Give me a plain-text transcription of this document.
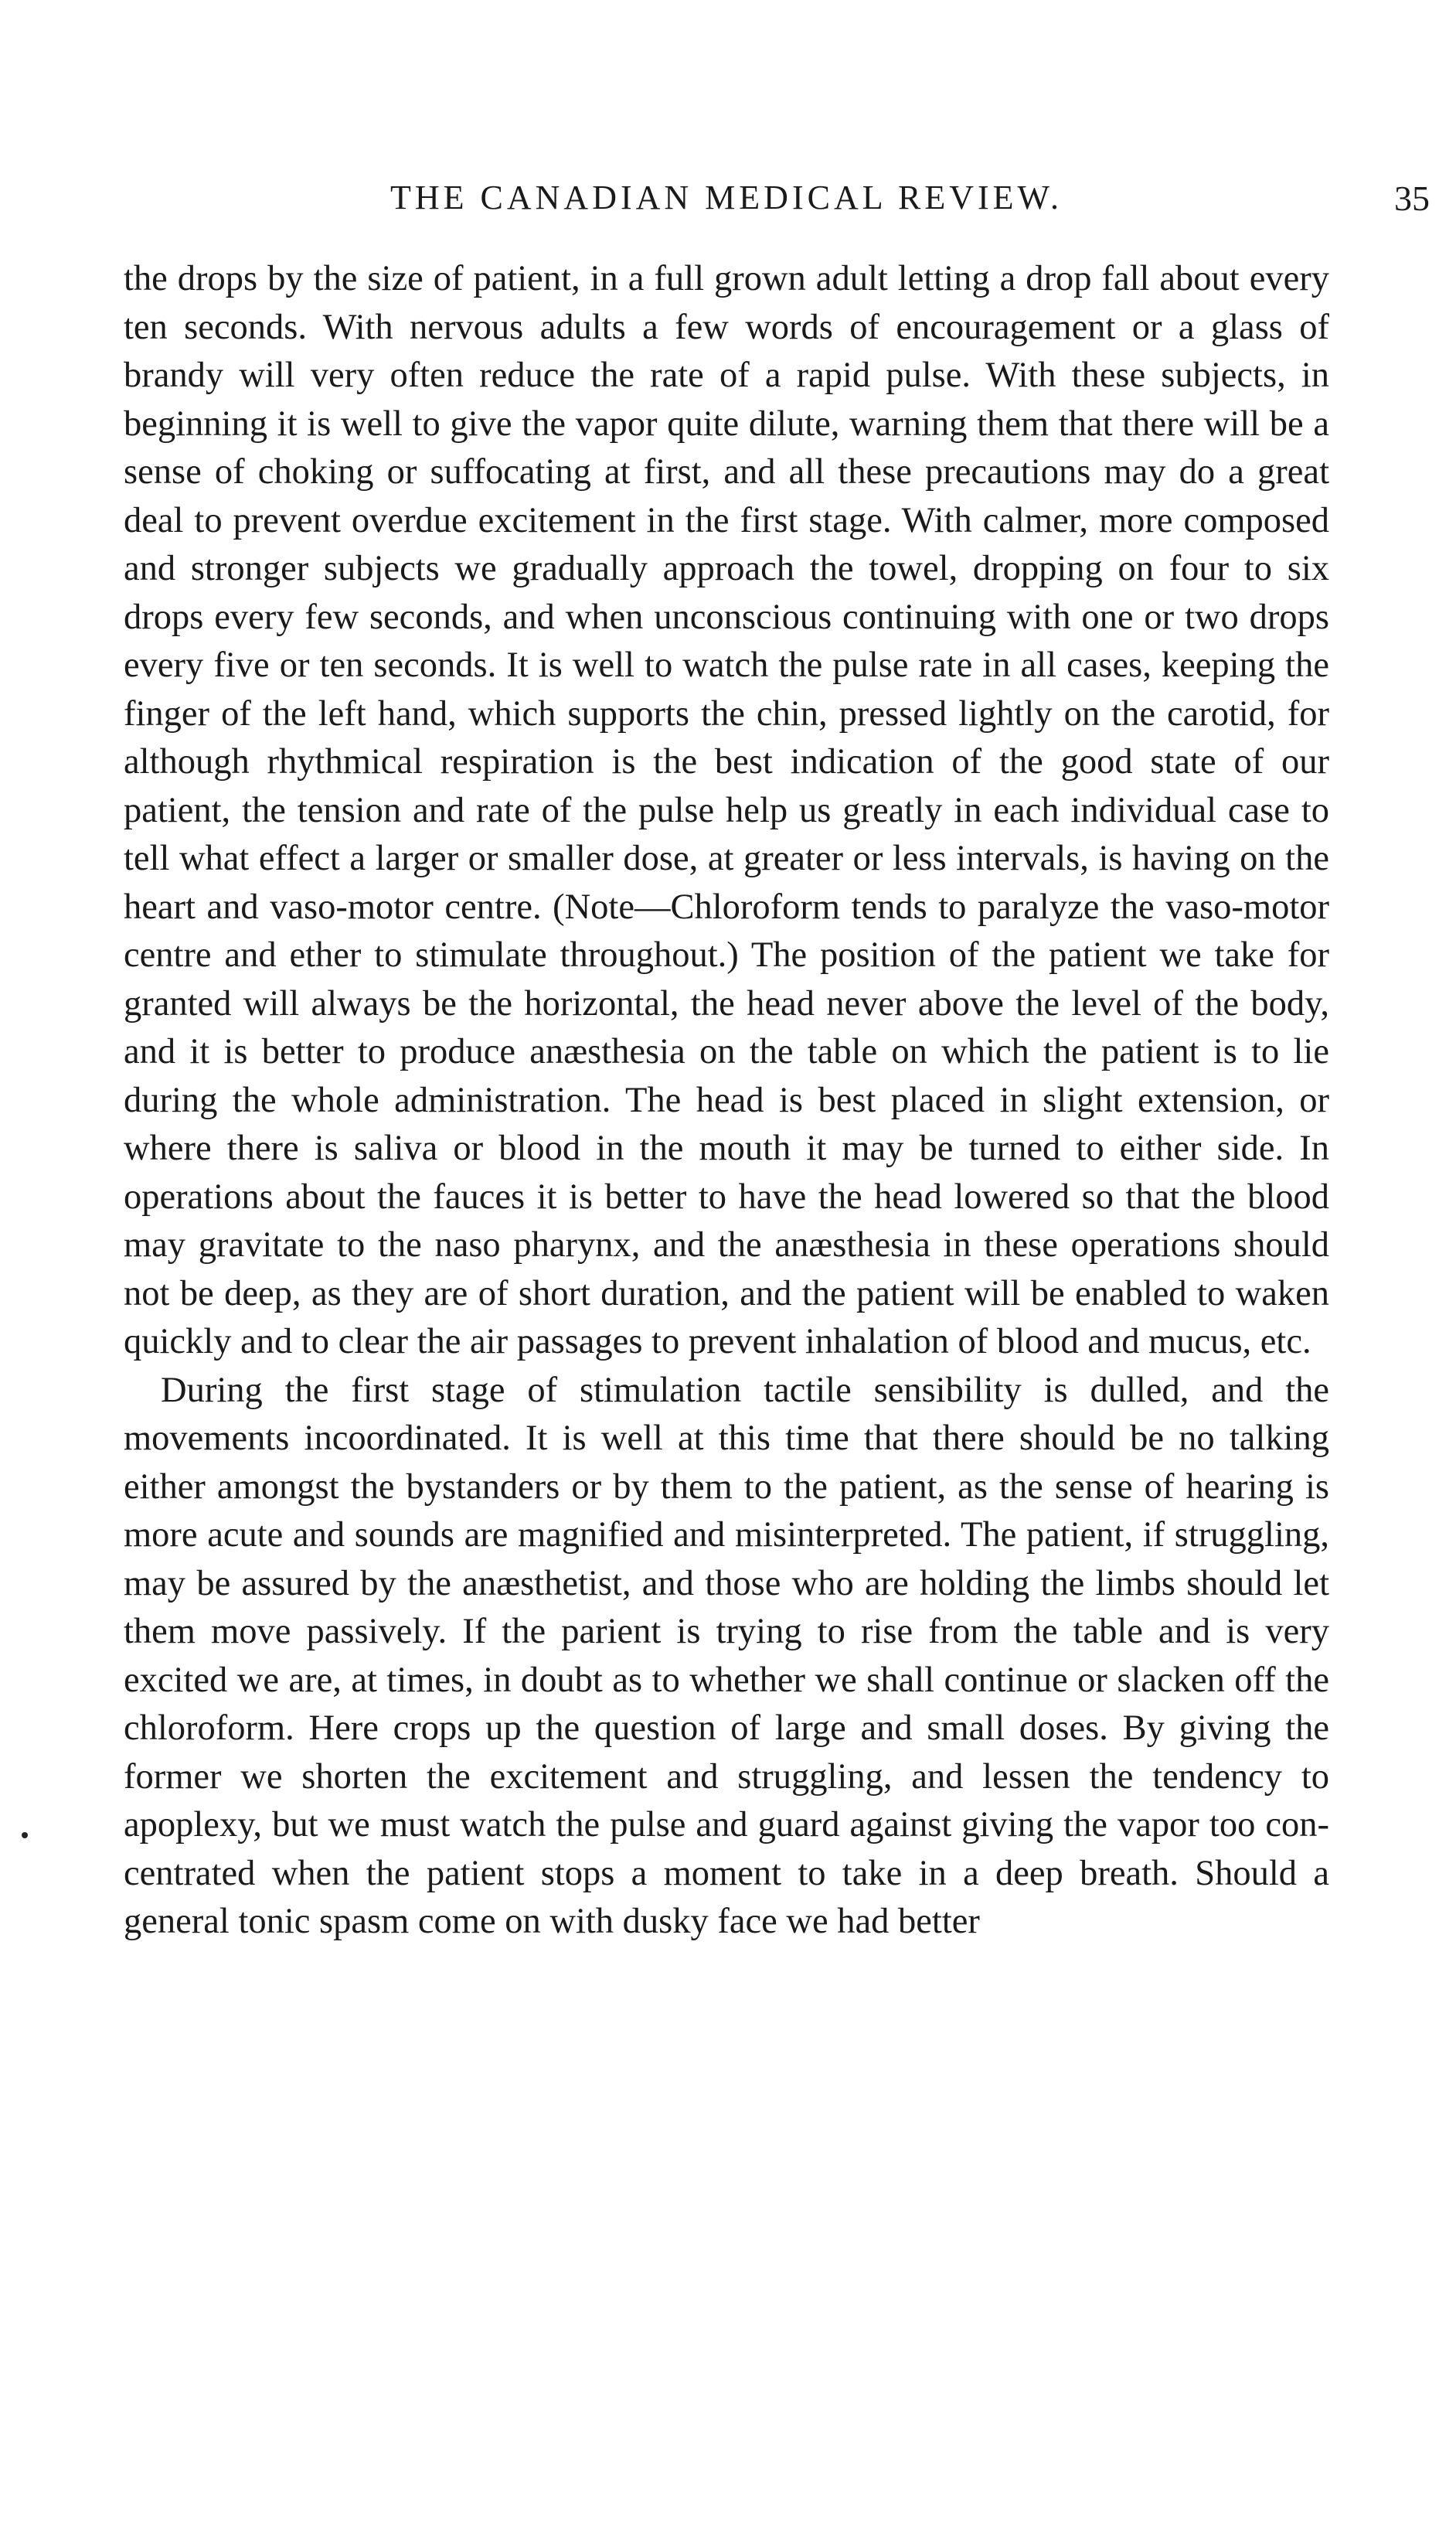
THE CANADIAN MEDICAL REVIEW.	35

the drops by the size of patient, in a full grown adult letting a drop fall about every ten seconds. With nervous adults a few words of encouragement or a glass of brandy will very often reduce the rate of a rapid pulse. With these subjects, in beginning it is well to give the vapor quite dilute, warning them that there will be a sense of choking or suffocating at first, and all these precautions may do a great deal to prevent overdue excitement in the first stage. With calmer, more composed and stronger subjects we gradually approach the towel, dropping on four to six drops every few seconds, and when unconscious continuing with one or two drops every five or ten seconds. It is well to watch the pulse rate in all cases, keeping the finger of the left hand, which supports the chin, pressed lightly on the carotid, for although rhythmical respiration is the best indication of the good state of our patient, the tension and rate of the pulse help us greatly in each individual case to tell what effect a larger or smaller dose, at greater or less intervals, is having on the heart and vaso-motor centre. (Note—Chloroform tends to paralyze the vaso-motor centre and ether to stimulate throughout.) The position of the patient we take for granted will always be the horizontal, the head never above the level of the body, and it is better to produce anæsthesia on the table on which the patient is to lie during the whole administration. The head is best placed in slight extension, or where there is saliva or blood in the mouth it may be turned to either side. In operations about the fauces it is better to have the head lowered so that the blood may gravitate to the naso pharynx, and the anæsthesia in these operations should not be deep, as they are of short duration, and the patient will be enabled to waken quickly and to clear the air passages to prevent inhalation of blood and mucus, etc.

During the first stage of stimulation tactile sensibility is dulled, and the movements incoordinated. It is well at this time that there should be no talking either amongst the bystanders or by them to the patient, as the sense of hearing is more acute and sounds are magnified and misinterpreted. The patient, if struggling, may be assured by the anæsthetist, and those who are holding the limbs should let them move passively. If the parient is trying to rise from the table and is very excited we are, at times, in doubt as to whether we shall continue or slacken off the chloroform. Here crops up the question of large and small doses. By giving the former we shorten the excitement and struggling, and lessen the tendency to apoplexy, but we must watch the pulse and guard against giving the vapor too concentrated when the patient stops a moment to take in a deep breath. Should a general tonic spasm come on with dusky face we had better
